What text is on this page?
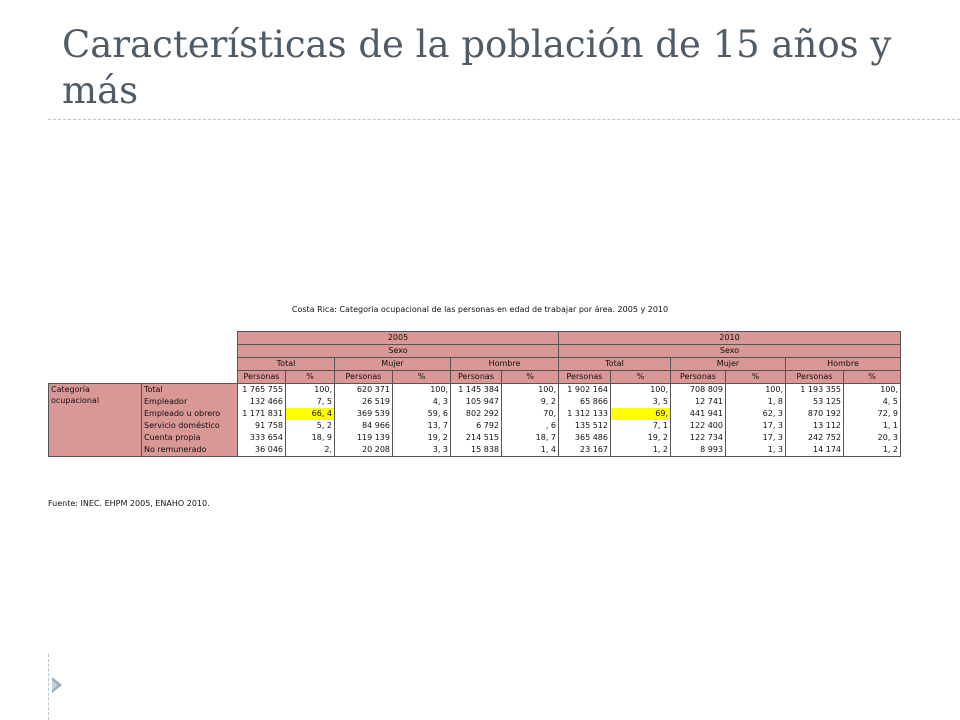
Características de la población de 15 años y más
Costa Rica: Categoría ocupacional de las personas en edad de trabajar por área. 2005 y 2010
		2005						2010					
		Sexo						Sexo					
		Total		Mujer		Hombre		Total		Mujer		Hombre	
		Personas	%	Personas	%	Personas	%	Personas	%	Personas	%	Personas	%
Categoría ocupacional	Total	1 765 755	100,	620 371	100,	1 145 384	100,	1 902 164	100,	708 809	100,	1 193 355	100,
	Empleador	132 466	7, 5	26 519	4, 3	105 947	9, 2	65 866	3, 5	12 741	1, 8	53 125	4, 5
	Empleado u obrero	1 171 831	66, 4	369 539	59, 6	802 292	70,	1 312 133	69,	441 941	62, 3	870 192	72, 9
	Servicio doméstico	91 758	5, 2	84 966	13, 7	6 792	, 6	135 512	7, 1	122 400	17, 3	13 112	1, 1
	Cuenta propia	333 654	18, 9	119 139	19, 2	214 515	18, 7	365 486	19, 2	122 734	17, 3	242 752	20, 3
	No remunerado	36 046	2,	20 208	3, 3	15 838	1, 4	23 167	1, 2	8 993	1, 3	14 174	1, 2
Fuente: INEC. EHPM 2005, ENAHO 2010.
